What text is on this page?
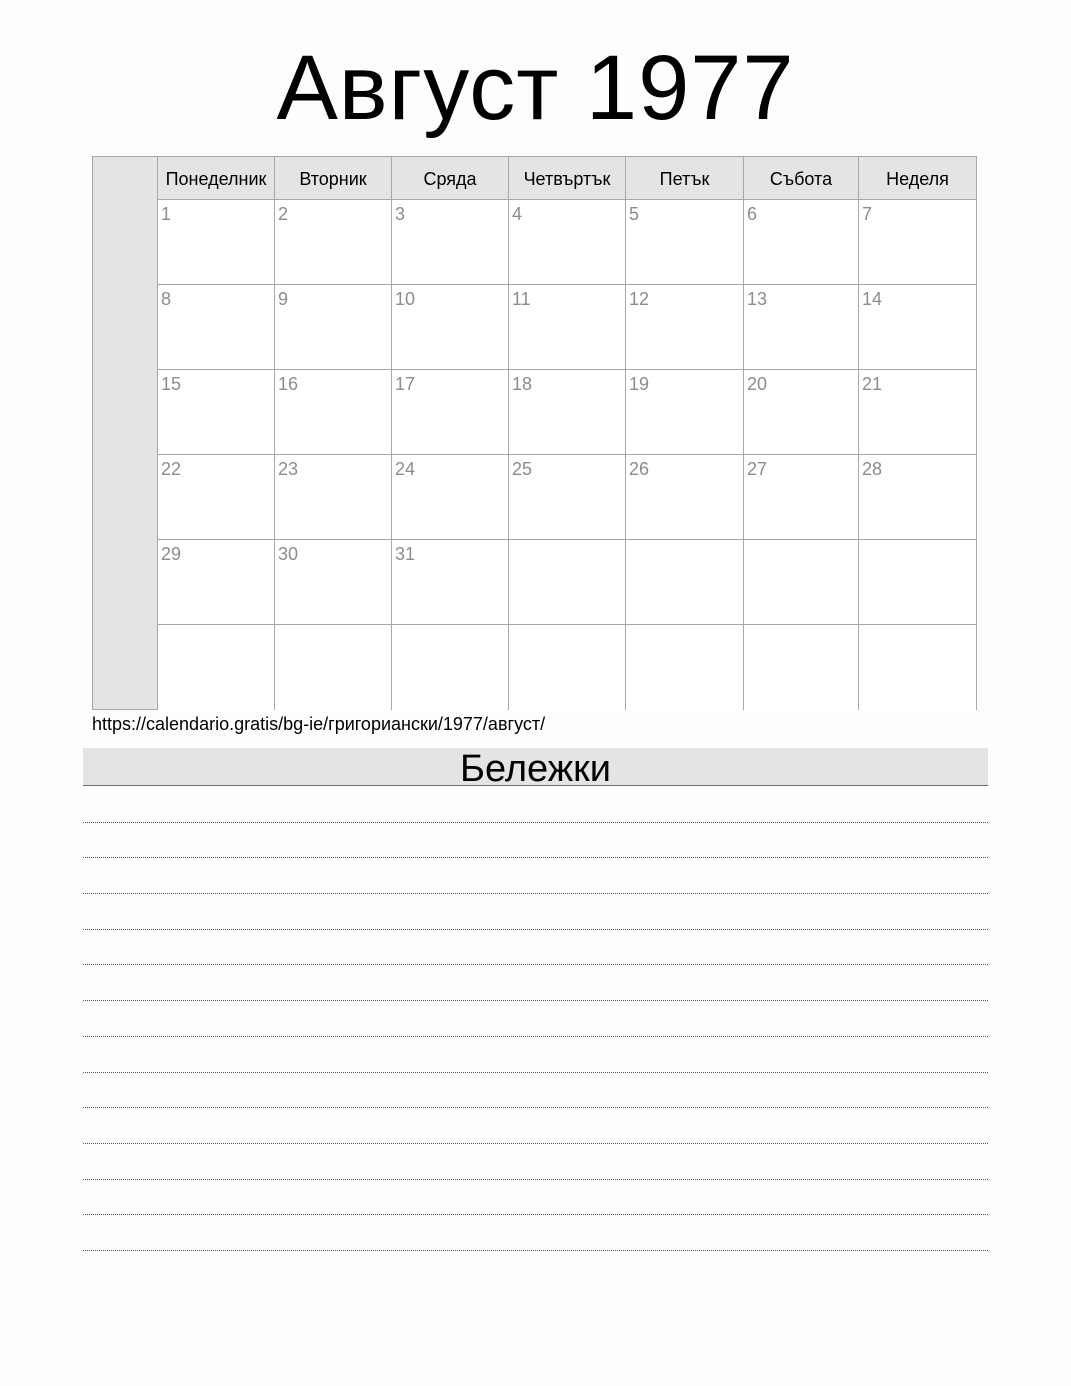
Август 1977
Понеделник	Вторник	Сряда	Четвъртък	Петък	Събота	Неделя
1	2	3	4	5	6	7
8	9	10	11	12	13	14
15	16	17	18	19	20	21
22	23	24	25	26	27	28
29	30	31
https://calendario.gratis/bg-ie/григориански/1977/август/
Бележки
